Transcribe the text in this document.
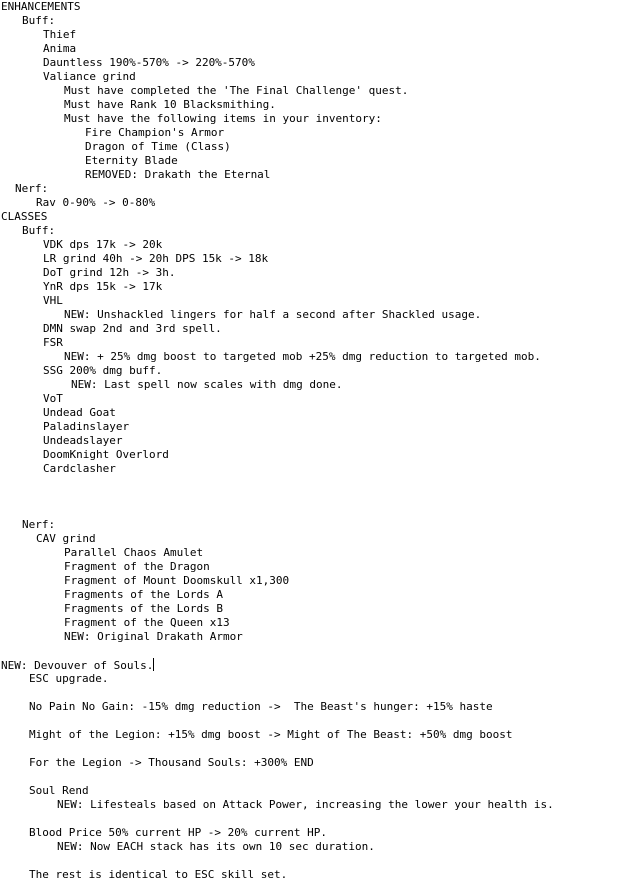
ENHANCEMENTS
Buff:
Thief
Anima
Dauntless 190%-570% -> 220%-570%
Valiance grind
Must have completed the 'The Final Challenge' quest.
Must have Rank 10 Blacksmithing.
Must have the following items in your inventory:
Fire Champion's Armor
Dragon of Time (Class)
Eternity Blade
REMOVED: Drakath the Eternal
Nerf:
Rav 0-90% -> 0-80%
CLASSES
Buff:
VDK dps 17k -> 20k
LR grind 40h -> 20h DPS 15k -> 18k
DoT grind 12h -> 3h.
YnR dps 15k -> 17k
VHL
NEW: Unshackled lingers for half a second after Shackled usage.
DMN swap 2nd and 3rd spell.
FSR
NEW: + 25% dmg boost to targeted mob +25% dmg reduction to targeted mob.
SSG 200% dmg buff.
NEW: Last spell now scales with dmg done.
VoT
Undead Goat
Paladinslayer
Undeadslayer
DoomKnight Overlord
Cardclasher
Nerf:
CAV grind
Parallel Chaos Amulet
Fragment of the Dragon
Fragment of Mount Doomskull x1,300
Fragments of the Lords A
Fragments of the Lords B
Fragment of the Queen x13
NEW: Original Drakath Armor
NEW: Devouver of Souls.
ESC upgrade.
No Pain No Gain: -15% dmg reduction ->  The Beast's hunger: +15% haste
Might of the Legion: +15% dmg boost -> Might of The Beast: +50% dmg boost
For the Legion -> Thousand Souls: +300% END
Soul Rend
NEW: Lifesteals based on Attack Power, increasing the lower your health is.
Blood Price 50% current HP -> 20% current HP.
NEW: Now EACH stack has its own 10 sec duration.
The rest is identical to ESC skill set.
